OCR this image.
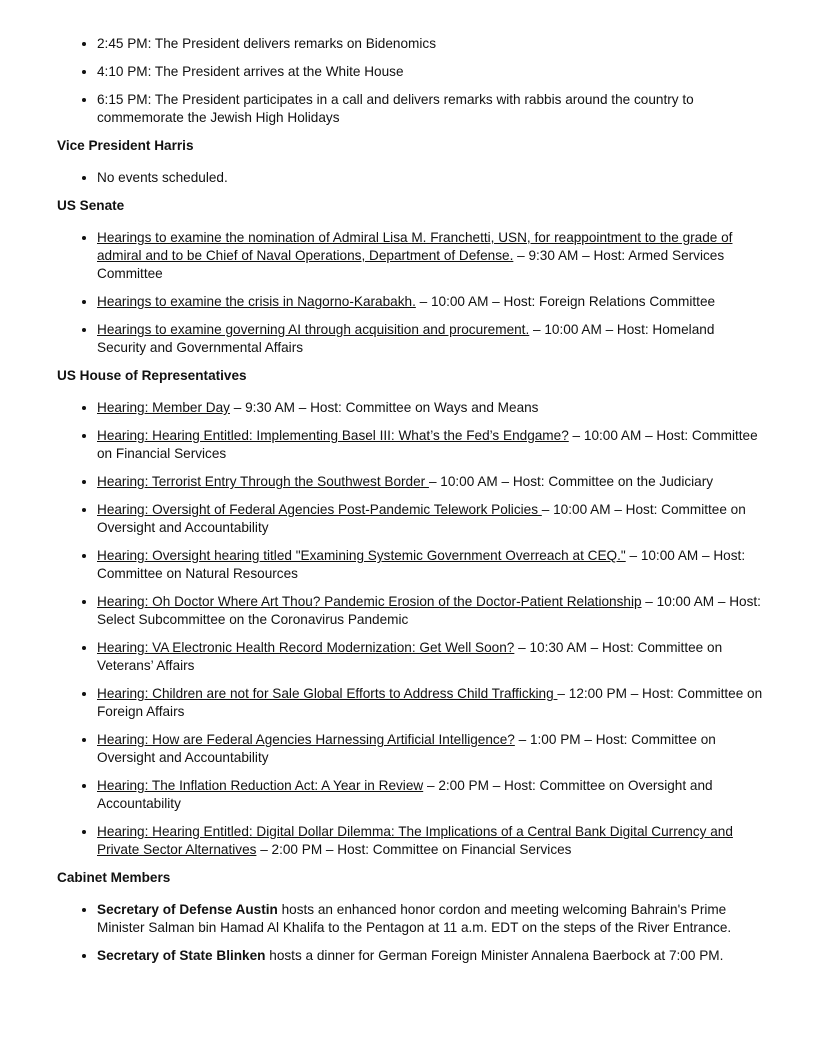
• 2:45 PM: The President delivers remarks on Bidenomics
• 4:10 PM: The President arrives at the White House
• 6:15 PM: The President participates in a call and delivers remarks with rabbis around the country to commemorate the Jewish High Holidays
Vice President Harris
• No events scheduled.
US Senate
• Hearings to examine the nomination of Admiral Lisa M. Franchetti, USN, for reappointment to the grade of admiral and to be Chief of Naval Operations, Department of Defense. – 9:30 AM – Host: Armed Services Committee
• Hearings to examine the crisis in Nagorno-Karabakh. – 10:00 AM – Host: Foreign Relations Committee
• Hearings to examine governing AI through acquisition and procurement. – 10:00 AM – Host: Homeland Security and Governmental Affairs
US House of Representatives
• Hearing: Member Day – 9:30 AM – Host: Committee on Ways and Means
• Hearing: Hearing Entitled: Implementing Basel III: What’s the Fed’s Endgame? – 10:00 AM – Host: Committee on Financial Services
• Hearing: Terrorist Entry Through the Southwest Border – 10:00 AM – Host: Committee on the Judiciary
• Hearing: Oversight of Federal Agencies Post-Pandemic Telework Policies – 10:00 AM – Host: Committee on Oversight and Accountability
• Hearing: Oversight hearing titled "Examining Systemic Government Overreach at CEQ." – 10:00 AM – Host: Committee on Natural Resources
• Hearing: Oh Doctor Where Art Thou? Pandemic Erosion of the Doctor-Patient Relationship – 10:00 AM – Host: Select Subcommittee on the Coronavirus Pandemic
• Hearing: VA Electronic Health Record Modernization: Get Well Soon? – 10:30 AM – Host: Committee on Veterans’ Affairs
• Hearing: Children are not for Sale Global Efforts to Address Child Trafficking – 12:00 PM – Host: Committee on Foreign Affairs
• Hearing: How are Federal Agencies Harnessing Artificial Intelligence? – 1:00 PM – Host: Committee on Oversight and Accountability
• Hearing: The Inflation Reduction Act: A Year in Review – 2:00 PM – Host: Committee on Oversight and Accountability
• Hearing: Hearing Entitled: Digital Dollar Dilemma: The Implications of a Central Bank Digital Currency and Private Sector Alternatives – 2:00 PM – Host: Committee on Financial Services
Cabinet Members
• Secretary of Defense Austin hosts an enhanced honor cordon and meeting welcoming Bahrain's Prime Minister Salman bin Hamad Al Khalifa to the Pentagon at 11 a.m. EDT on the steps of the River Entrance.
• Secretary of State Blinken hosts a dinner for German Foreign Minister Annalena Baerbock at 7:00 PM.
